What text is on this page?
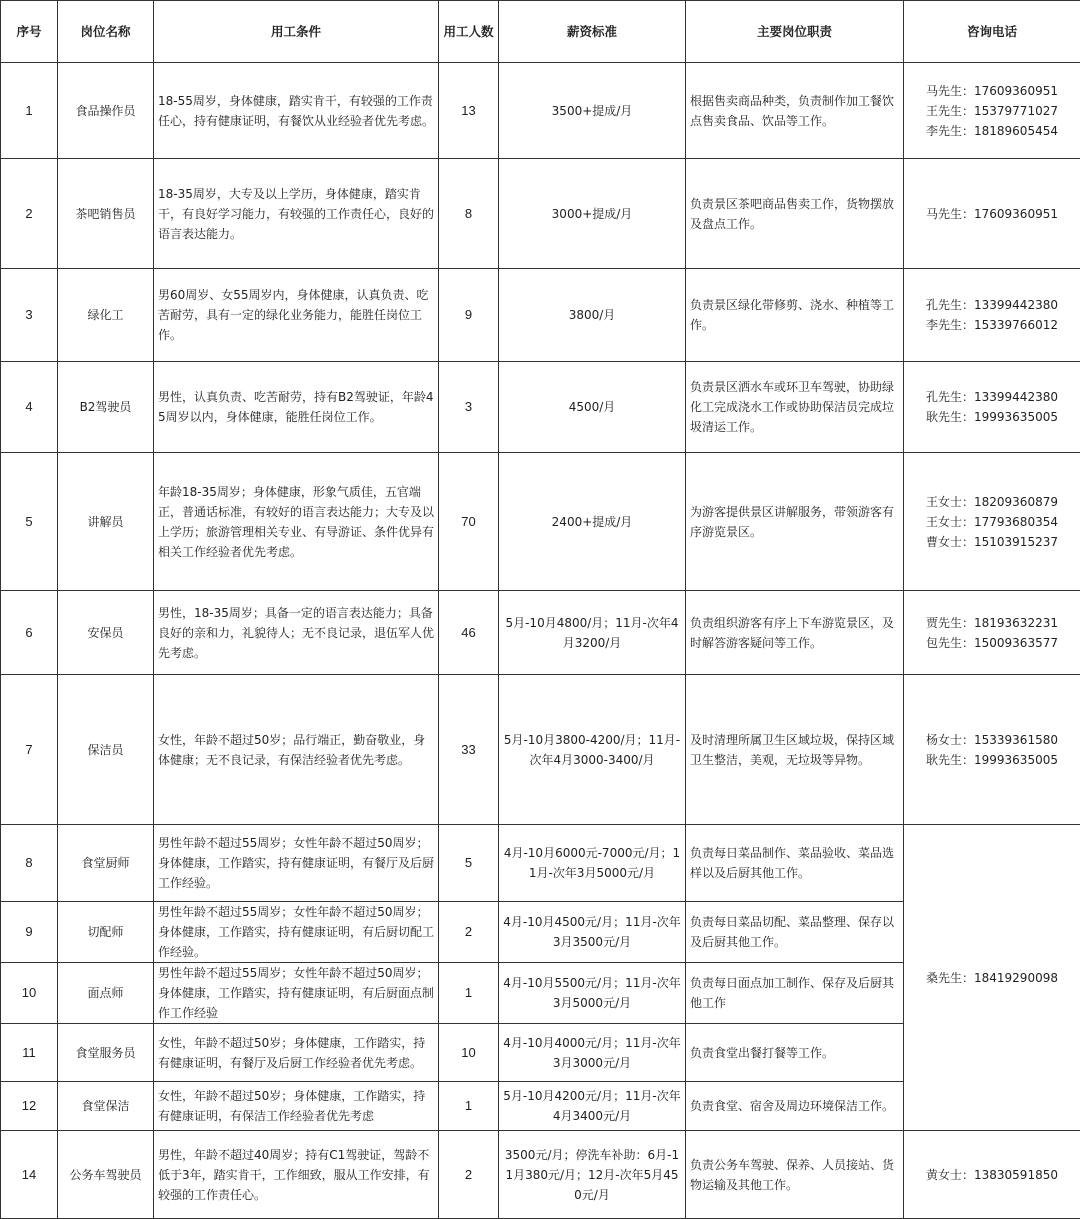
序号	岗位名称	用工条件	用工人数	薪资标准	主要岗位职责	咨询电话
1	食品操作员	18-55周岁，身体健康，踏实肯干，有较强的工作责任心，持有健康证明，有餐饮从业经验者优先考虑。	13	3500+提成/月	根据售卖商品种类，负责制作加工餐饮点售卖食品、饮品等工作。	马先生：17609360951
王先生：15379771027
李先生：18189605454

2	茶吧销售员	18-35周岁，大专及以上学历，身体健康，踏实肯干，有良好学习能力，有较强的工作责任心，良好的语言表达能力。	8	3000+提成/月	负责景区茶吧商品售卖工作，货物摆放及盘点工作。	马先生：17609360951

3	绿化工	男60周岁、女55周岁内，身体健康，认真负责、吃苦耐劳，具有一定的绿化业务能力，能胜任岗位工作。	9	3800/月	负责景区绿化带修剪、浇水、种植等工作。	孔先生：13399442380
李先生：15339766012

4	B2驾驶员	男性，认真负责、吃苦耐劳，持有B2驾驶证，年龄45周岁以内，身体健康，能胜任岗位工作。	3	4500/月	负责景区洒水车或环卫车驾驶，协助绿化工完成浇水工作或协助保洁员完成垃圾清运工作。	孔先生：13399442380
耿先生：19993635005

5	讲解员	年龄18-35周岁；身体健康，形象气质佳，五官端正，普通话标准，有较好的语言表达能力；大专及以上学历；旅游管理相关专业、有导游证、条件优异有相关工作经验者优先考虑。	70	2400+提成/月	为游客提供景区讲解服务，带领游客有序游览景区。	王女士：18209360879
王女士：17793680354
曹女士：15103915237

6	安保员	男性，18-35周岁；具备一定的语言表达能力；具备良好的亲和力，礼貌待人；无不良记录，退伍军人优先考虑。	46	5月-10月4800/月；11月-次年4月3200/月	负责组织游客有序上下车游览景区，及时解答游客疑问等工作。	贾先生：18193632231
包先生：15009363577

7	保洁员	女性，年龄不超过50岁；品行端正，勤奋敬业，身体健康；无不良记录，有保洁经验者优先考虑。	33	5月-10月3800-4200/月；11月-次年4月3000-3400/月	及时清理所属卫生区域垃圾，保持区域卫生整洁，美观，无垃圾等异物。	杨女士：15339361580
耿先生：19993635005

8	食堂厨师	男性年龄不超过55周岁；女性年龄不超过50周岁；身体健康，工作踏实，持有健康证明，有餐厅及后厨工作经验。	5	4月-10月6000元-7000元/月；11月-次年3月5000元/月	负责每日菜品制作、菜品验收、菜品选样以及后厨其他工作。	桑先生：18419290098

9	切配师	男性年龄不超过55周岁；女性年龄不超过50周岁；身体健康，工作踏实，持有健康证明，有后厨切配工作经验。	2	4月-10月4500元/月；11月-次年3月3500元/月	负责每日菜品切配、菜品整理、保存以及后厨其他工作。	
10	面点师	男性年龄不超过55周岁；女性年龄不超过50周岁；身体健康，工作踏实，持有健康证明，有后厨面点制作工作经验	1	4月-10月5500元/月；11月-次年3月5000元/月	负责每日面点加工制作、保存及后厨其他工作	
11	食堂服务员	女性，年龄不超过50岁；身体健康，工作踏实，持有健康证明，有餐厅及后厨工作经验者优先考虑。	10	4月-10月4000元/月；11月-次年3月3000元/月	负责食堂出餐打餐等工作。	
12	食堂保洁	女性，年龄不超过50岁；身体健康，工作踏实，持有健康证明，有保洁工作经验者优先考虑	1	5月-10月4200元/月；11月-次年4月3400元/月	负责食堂、宿舍及周边环境保洁工作。	
14	公务车驾驶员	男性，年龄不超过40周岁；持有C1驾驶证，驾龄不低于3年，踏实肯干，工作细致，服从工作安排，有较强的工作责任心。	2	3500元/月；停洗车补助：6月-11月380元/月；12月-次年5月450元/月	负责公务车驾驶、保养、人员接站、货物运输及其他工作。	黄女士：13830591850
